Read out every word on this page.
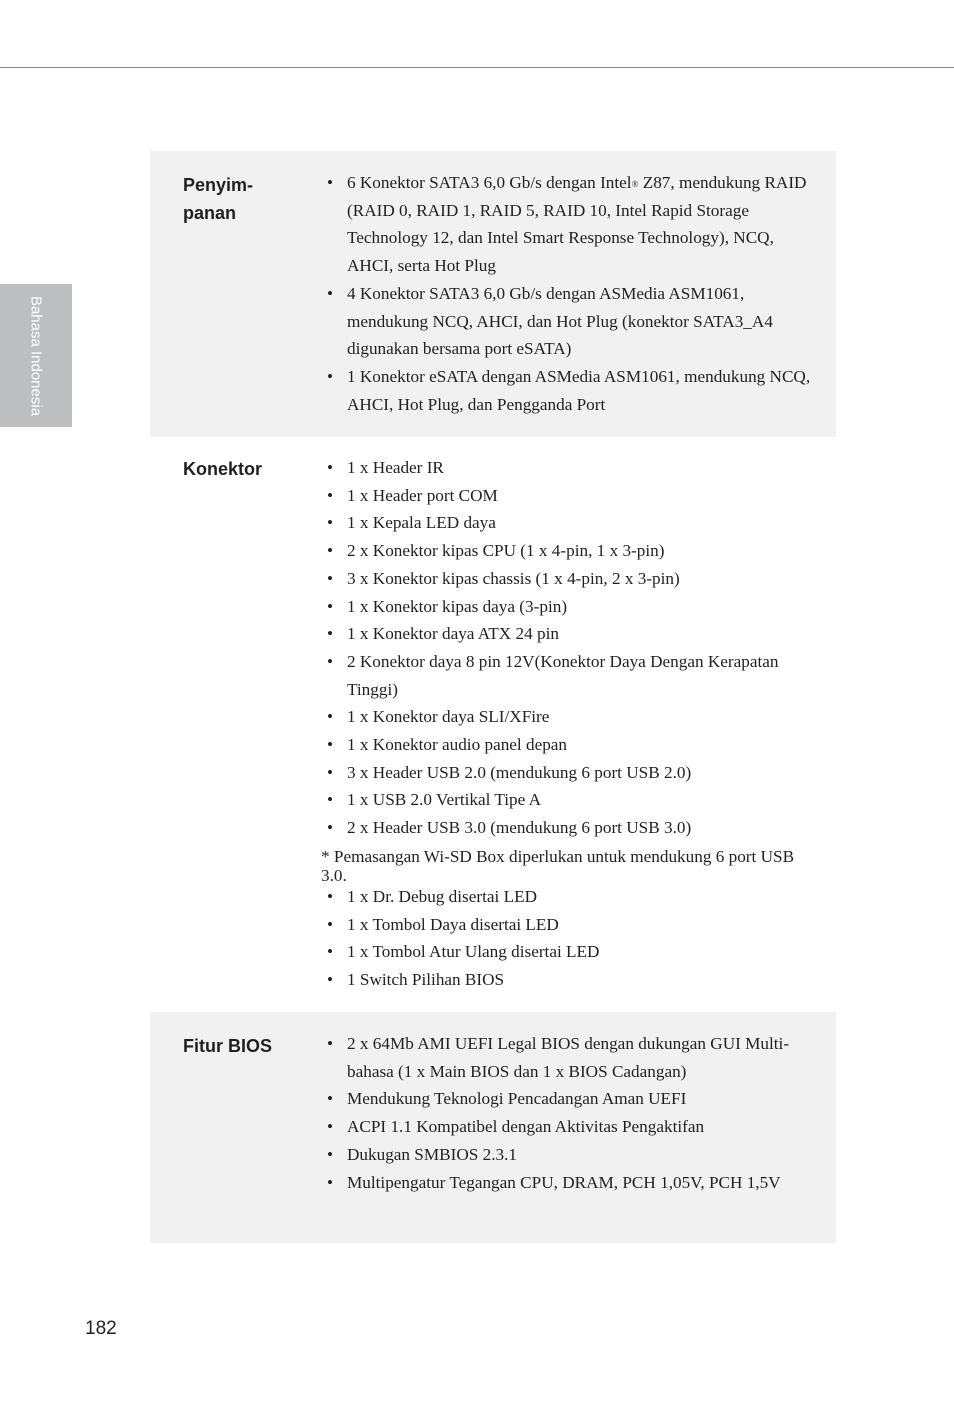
Bahasa Indonesia
Penyim-
panan
• 6 Konektor SATA3 6,0 Gb/s dengan Intel® Z87, mendukung RAID (RAID 0, RAID 1, RAID 5, RAID 10, Intel Rapid Storage Technology 12, dan Intel Smart Response Technology), NCQ, AHCI, serta Hot Plug
• 4 Konektor SATA3 6,0 Gb/s dengan ASMedia ASM1061, mendukung NCQ, AHCI, dan Hot Plug (konektor SATA3_A4 digunakan bersama port eSATA)
• 1 Konektor eSATA dengan ASMedia ASM1061, mendukung NCQ, AHCI, Hot Plug, dan Pengganda Port
Konektor	• 1 x Header IR
• 1 x Header port COM
• 1 x Kepala LED daya
• 2 x Konektor kipas CPU (1 x 4-pin, 1 x 3-pin)
• 3 x Konektor kipas chassis (1 x 4-pin, 2 x 3-pin)
• 1 x Konektor kipas daya (3-pin)
• 1 x Konektor daya ATX 24 pin
• 2 Konektor daya 8 pin 12V(Konektor Daya Dengan Kerapatan Tinggi)
• 1 x Konektor daya SLI/XFire
• 1 x Konektor audio panel depan
• 3 x Header USB 2.0 (mendukung 6 port USB 2.0)
• 1 x USB 2.0 Vertikal Tipe A
• 2 x Header USB 3.0 (mendukung 6 port USB 3.0)
* Pemasangan Wi-SD Box diperlukan untuk mendukung 6 port USB 3.0.
• 1 x Dr. Debug disertai LED
• 1 x Tombol Daya disertai LED
• 1 x Tombol Atur Ulang disertai LED
• 1 Switch Pilihan BIOS
Fitur BIOS	• 2 x 64Mb AMI UEFI Legal BIOS dengan dukungan GUI Multi-bahasa (1 x Main BIOS dan 1 x BIOS Cadangan)
• Mendukung Teknologi Pencadangan Aman UEFI
• ACPI 1.1 Kompatibel dengan Aktivitas Pengaktifan
• Dukugan SMBIOS 2.3.1
• Multipengatur Tegangan CPU, DRAM, PCH 1,05V, PCH 1,5V
182
